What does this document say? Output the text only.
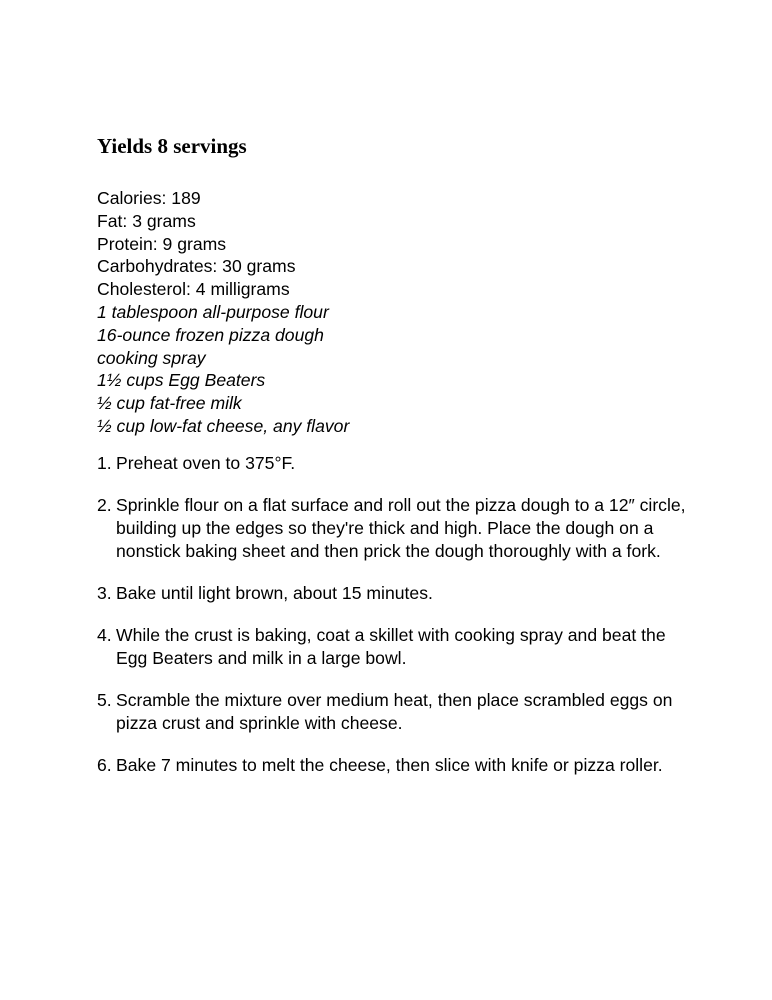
Yields 8 servings
Calories: 189
Fat: 3 grams
Protein: 9 grams
Carbohydrates: 30 grams
Cholesterol: 4 milligrams
1 tablespoon all-purpose flour
16-ounce frozen pizza dough
cooking spray
1½ cups Egg Beaters
½ cup fat-free milk
½ cup low-fat cheese, any flavor
1. Preheat oven to 375°F.
2. Sprinkle flour on a flat surface and roll out the pizza dough to a 12″ circle, building up the edges so they're thick and high. Place the dough on a nonstick baking sheet and then prick the dough thoroughly with a fork.
3. Bake until light brown, about 15 minutes.
4. While the crust is baking, coat a skillet with cooking spray and beat the Egg Beaters and milk in a large bowl.
5. Scramble the mixture over medium heat, then place scrambled eggs on pizza crust and sprinkle with cheese.
6. Bake 7 minutes to melt the cheese, then slice with knife or pizza roller.
